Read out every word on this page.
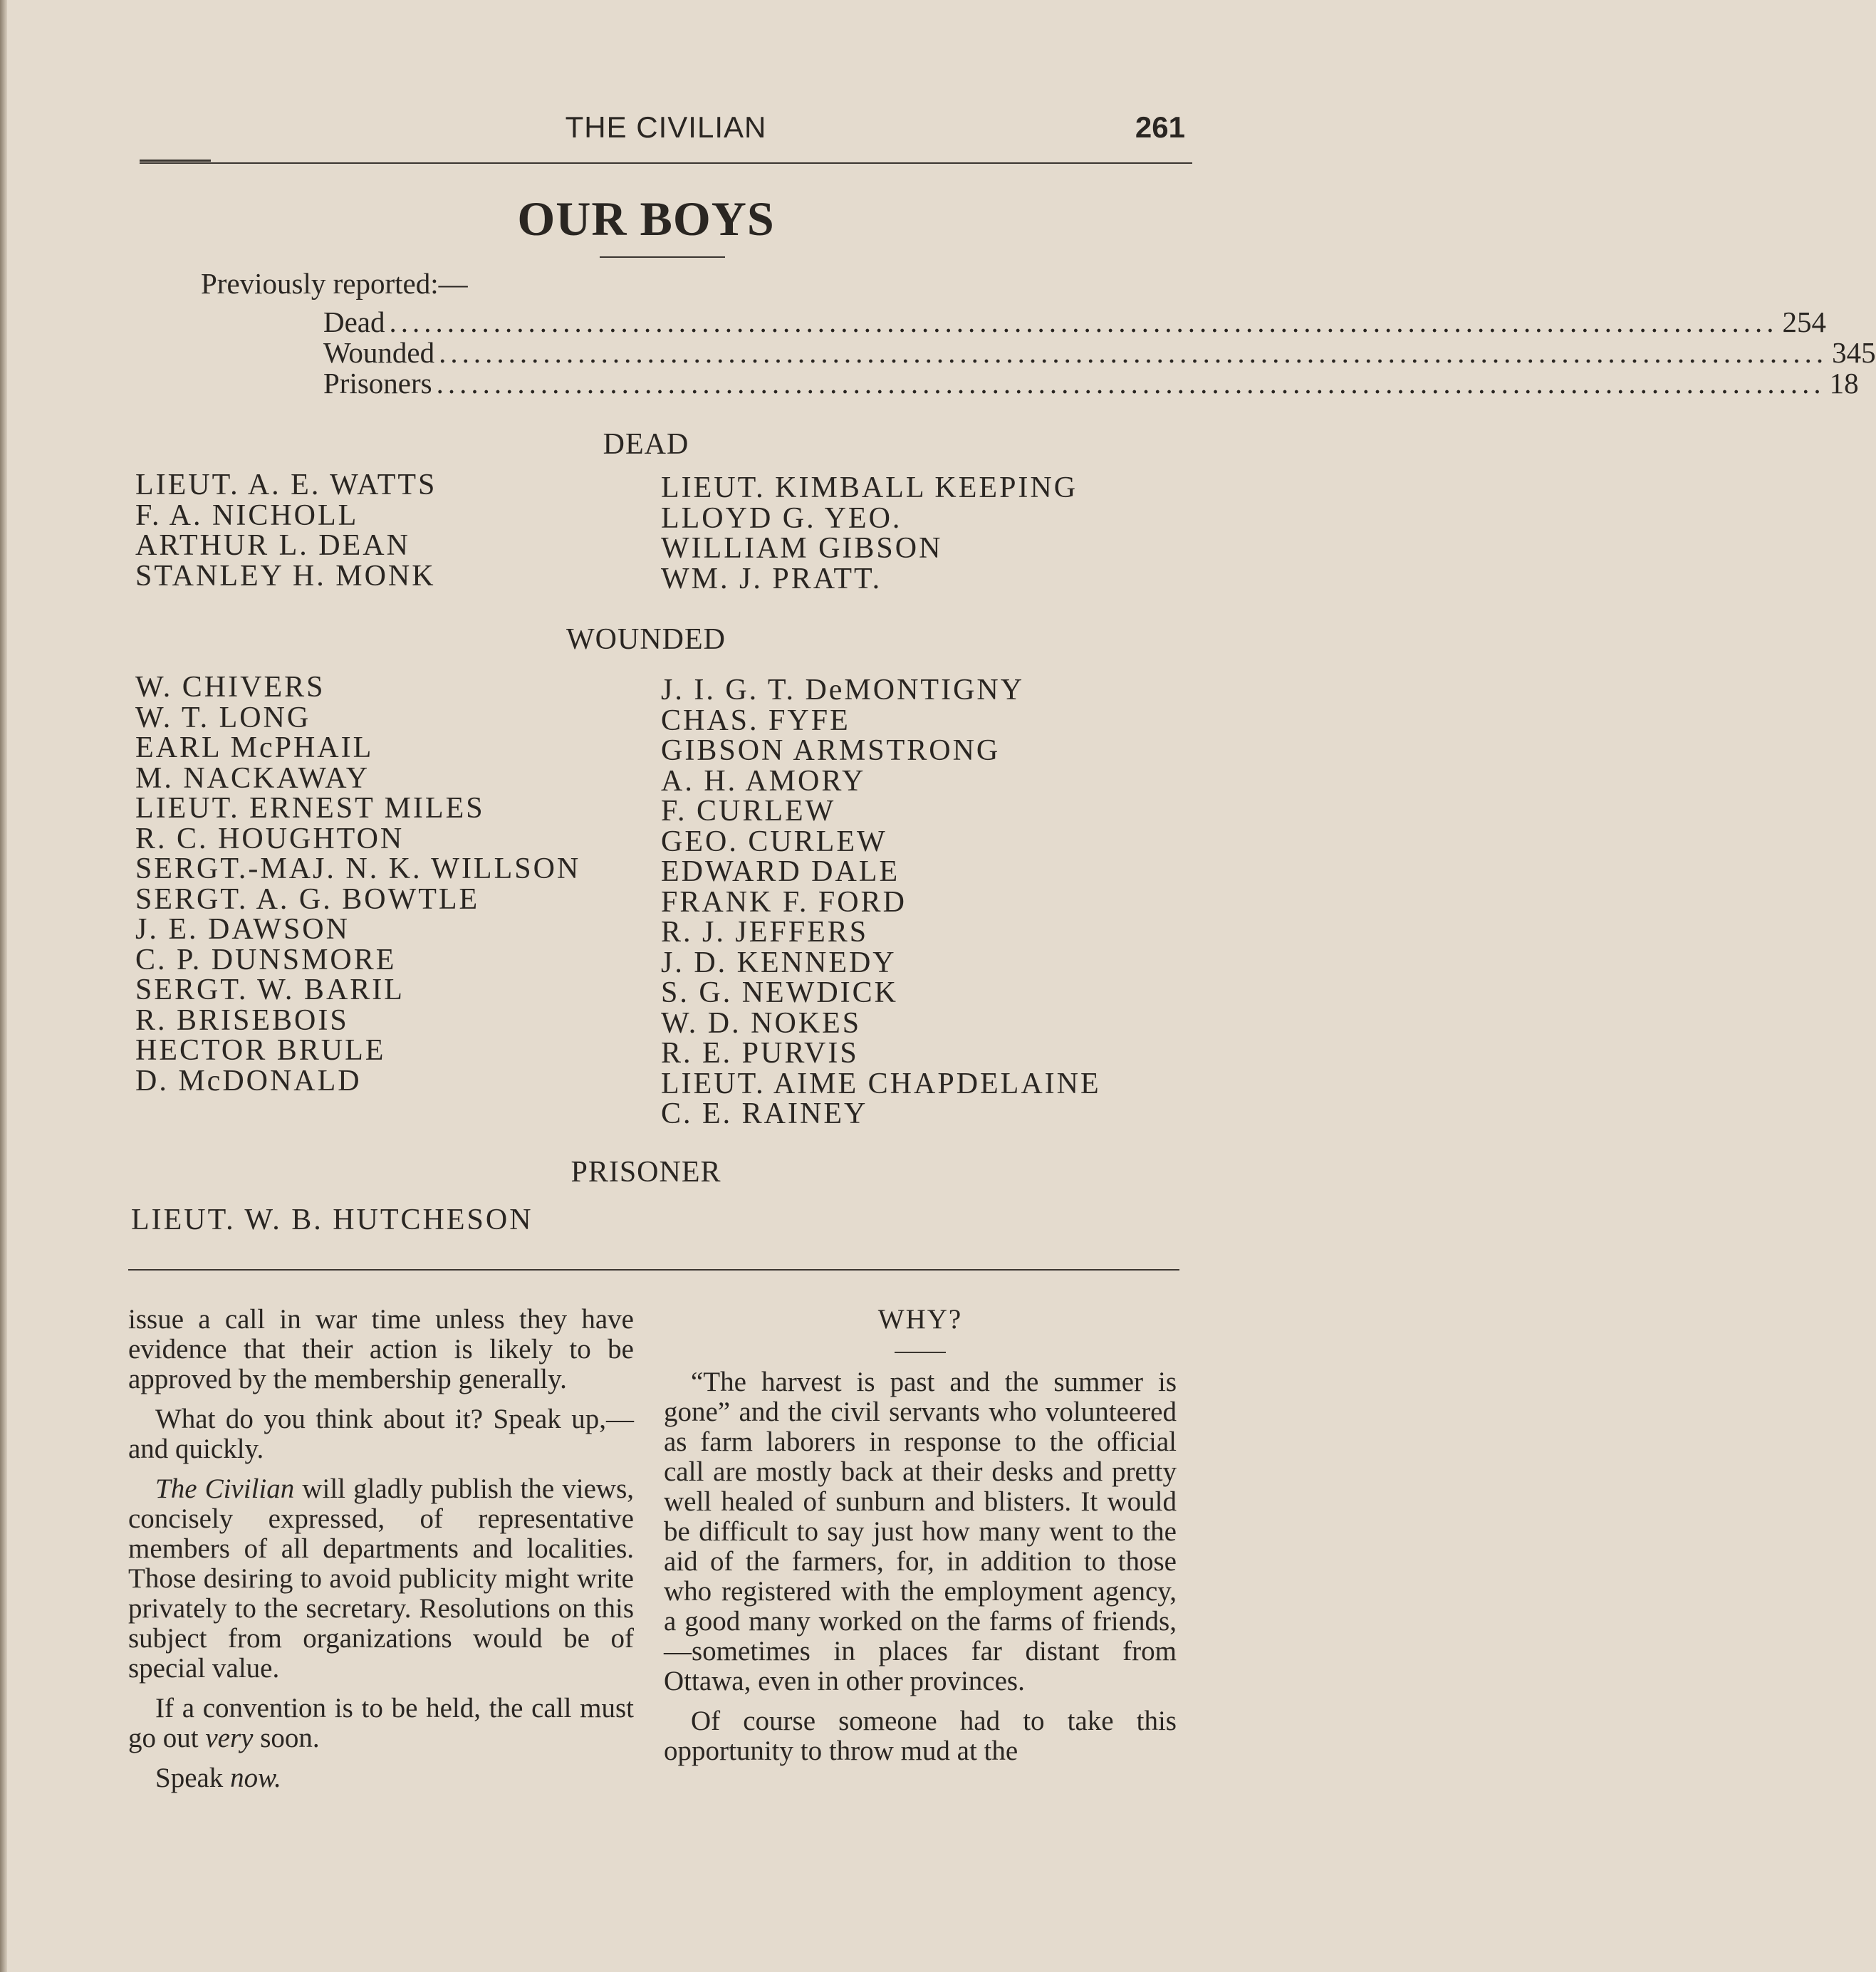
THE CIVILIAN	261
OUR BOYS
Previously reported:—
Dead ........................................................................................................................ 254
Wounded ........................................................................................................................ 345
Prisoners ........................................................................................................................ 18
DEAD
LIEUT. A. E. WATTS
F. A. NICHOLL
ARTHUR L. DEAN
STANLEY H. MONK
LIEUT. KIMBALL KEEPING
LLOYD G. YEO.
WILLIAM GIBSON
WM. J. PRATT.
WOUNDED
W. CHIVERS
W. T. LONG
EARL McPHAIL
M. NACKAWAY
LIEUT. ERNEST MILES
R. C. HOUGHTON
SERGT.-MAJ. N. K. WILLSON
SERGT. A. G. BOWTLE
J. E. DAWSON
C. P. DUNSMORE
SERGT. W. BARIL
R. BRISEBOIS
HECTOR BRULE
D. McDONALD
J. I. G. T. DeMONTIGNY
CHAS. FYFE
GIBSON ARMSTRONG
A. H. AMORY
F. CURLEW
GEO. CURLEW
EDWARD DALE
FRANK F. FORD
R. J. JEFFERS
J. D. KENNEDY
S. G. NEWDICK
W. D. NOKES
R. E. PURVIS
LIEUT. AIME CHAPDELAINE
C. E. RAINEY
PRISONER
LIEUT. W. B. HUTCHESON

issue a call in war time unless they have evidence that their action is likely to be approved by the membership generally.

What do you think about it? Speak up,—and quickly.

The Civilian will gladly publish the views, concisely expressed, of representative members of all departments and localities. Those desiring to avoid publicity might write privately to the secretary. Resolutions on this subject from organizations would be of special value.

If a convention is to be held, the call must go out very soon.

Speak now.

WHY?

“The harvest is past and the summer is gone” and the civil servants who volunteered as farm laborers in response to the official call are mostly back at their desks and pretty well healed of sunburn and blisters. It would be difficult to say just how many went to the aid of the farmers, for, in addition to those who registered with the employment agency, a good many worked on the farms of friends,—sometimes in places far distant from Ottawa, even in other provinces.

Of course someone had to take this opportunity to throw mud at the
